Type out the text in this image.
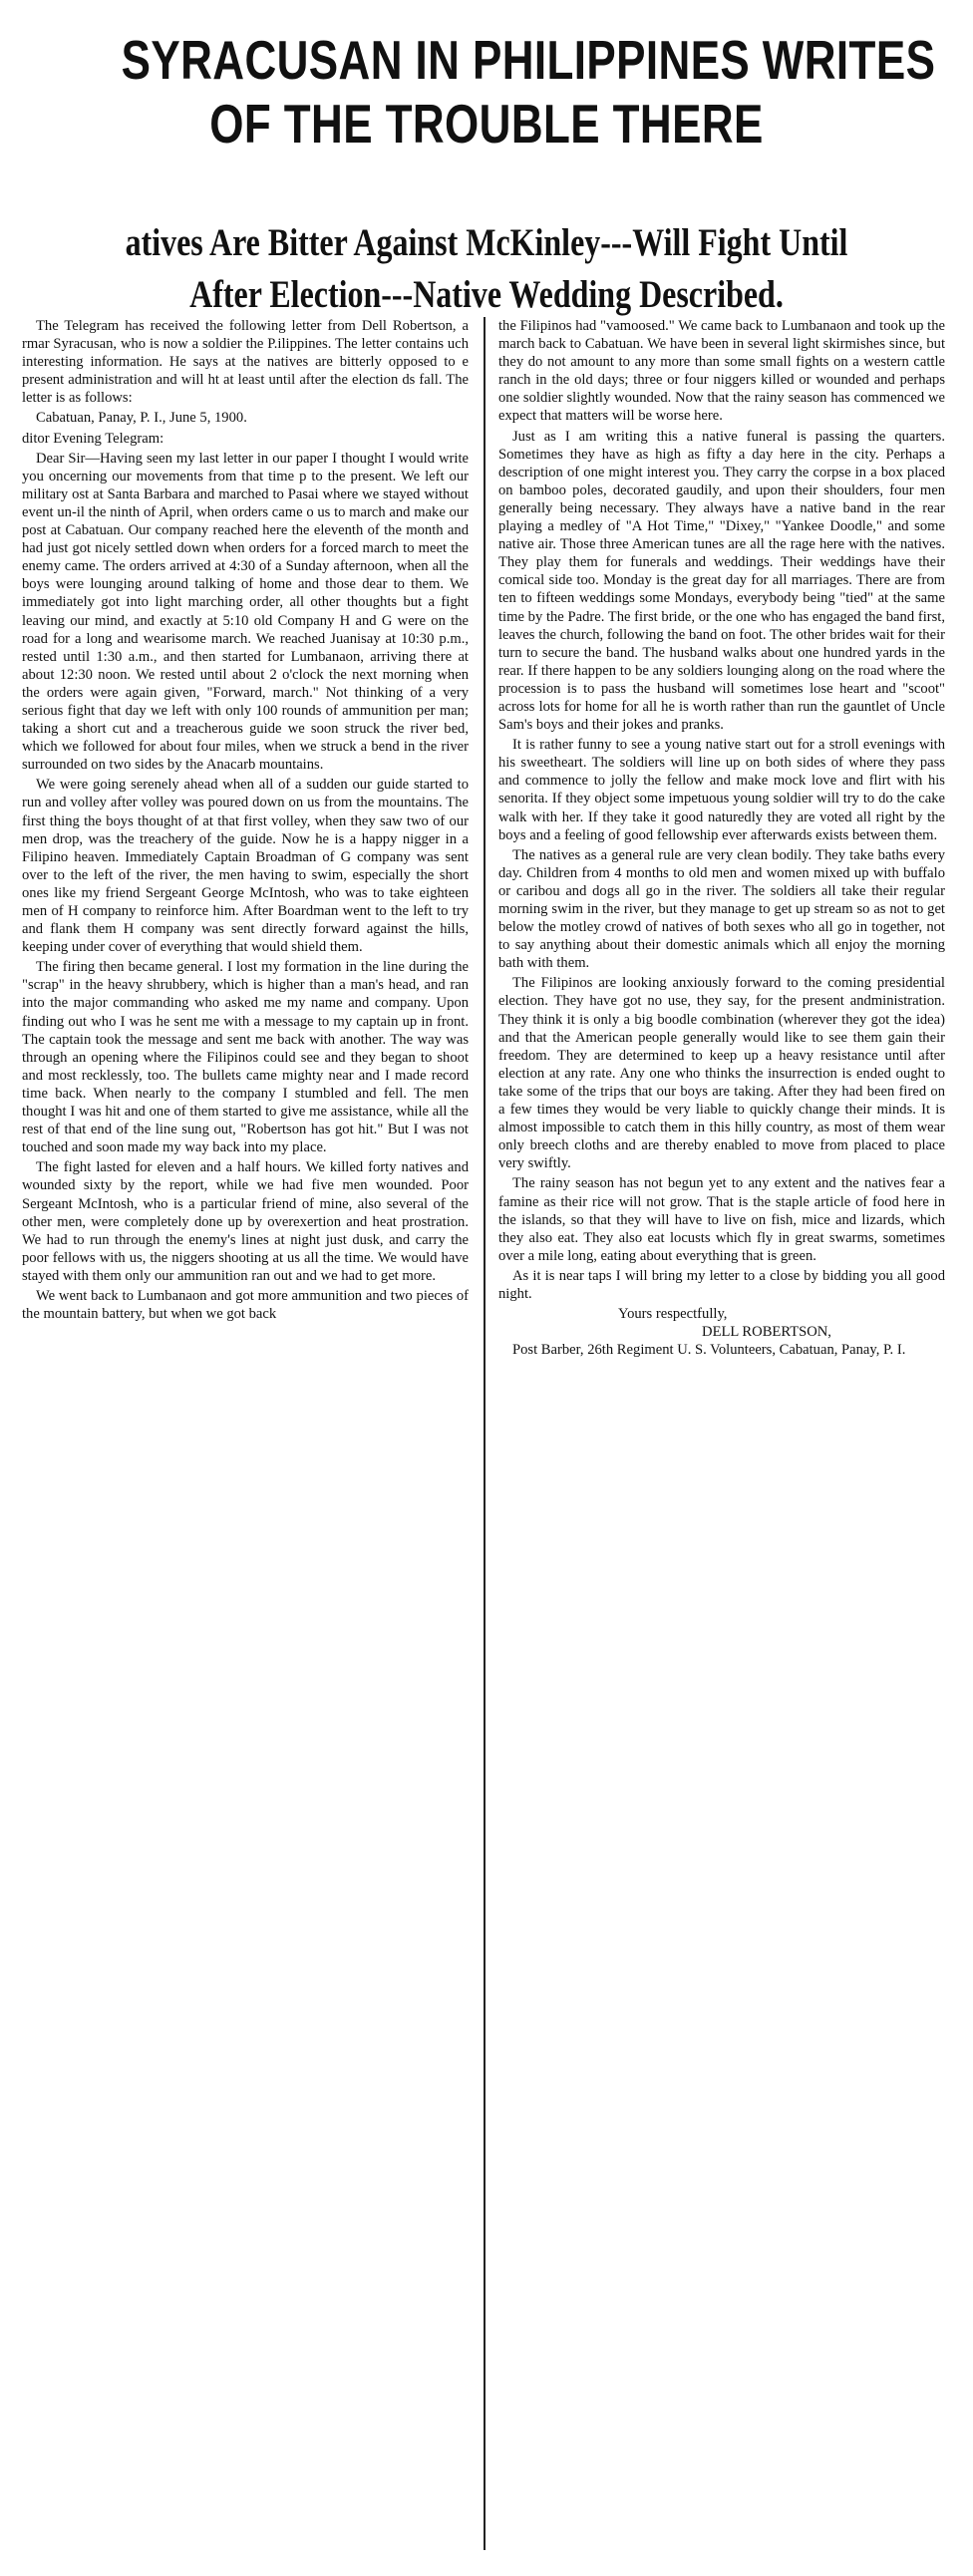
SYRACUSAN IN PHILIPPINES WRITES
OF THE TROUBLE THERE
atives Are Bitter Against McKinley---Will Fight Until
After Election---Native Wedding Described.

The Telegram has received the following letter from Dell Robertson, a rmar Syracusan, who is now a soldier the P.ilippines. The letter contains uch interesting information. He says at the natives are bitterly opposed to e present administration and will ht at least until after the election ds fall. The letter is as follows:

Cabatuan, Panay, P. I., June 5, 1900.

ditor Evening Telegram:

Dear Sir—Having seen my last letter in our paper I thought I would write you oncerning our movements from that time p to the present. We left our military ost at Santa Barbara and marched to Pasai where we stayed without event un-il the ninth of April, when orders came o us to march and make our post at Cabatuan. Our company reached here the eleventh of the month and had just got nicely settled down when orders for a forced march to meet the enemy came. The orders arrived at 4:30 of a Sunday afternoon, when all the boys were lounging around talking of home and those dear to them. We immediately got into light marching order, all other thoughts but a fight leaving our mind, and exactly at 5:10 old Company H and G were on the road for a long and wearisome march. We reached Juanisay at 10:30 p.m., rested until 1:30 a.m., and then started for Lumbanaon, arriving there at about 12:30 noon. We rested until about 2 o'clock the next morning when the orders were again given, "Forward, march." Not thinking of a very serious fight that day we left with only 100 rounds of ammunition per man; taking a short cut and a treacherous guide we soon struck the river bed, which we followed for about four miles, when we struck a bend in the river surrounded on two sides by the Anacarb mountains.

We were going serenely ahead when all of a sudden our guide started to run and volley after volley was poured down on us from the mountains. The first thing the boys thought of at that first volley, when they saw two of our men drop, was the treachery of the guide. Now he is a happy nigger in a Filipino heaven. Immediately Captain Broadman of G company was sent over to the left of the river, the men having to swim, especially the short ones like my friend Sergeant George McIntosh, who was to take eighteen men of H company to reinforce him. After Boardman went to the left to try and flank them H company was sent directly forward against the hills, keeping under cover of everything that would shield them.

The firing then became general. I lost my formation in the line during the "scrap" in the heavy shrubbery, which is higher than a man's head, and ran into the major commanding who asked me my name and company. Upon finding out who I was he sent me with a message to my captain up in front. The captain took the message and sent me back with another. The way was through an opening where the Filipinos could see and they began to shoot and most recklessly, too. The bullets came mighty near and I made record time back. When nearly to the company I stumbled and fell. The men thought I was hit and one of them started to give me assistance, while all the rest of that end of the line sung out, "Robertson has got hit." But I was not touched and soon made my way back into my place.

The fight lasted for eleven and a half hours. We killed forty natives and wounded sixty by the report, while we had five men wounded. Poor Sergeant McIntosh, who is a particular friend of mine, also several of the other men, were completely done up by overexertion and heat prostration. We had to run through the enemy's lines at night just dusk, and carry the poor fellows with us, the niggers shooting at us all the time. We would have stayed with them only our ammunition ran out and we had to get more.

We went back to Lumbanaon and got more ammunition and two pieces of the mountain battery, but when we got back

the Filipinos had "vamoosed." We came back to Lumbanaon and took up the march back to Cabatuan. We have been in several light skirmishes since, but they do not amount to any more than some small fights on a western cattle ranch in the old days; three or four niggers killed or wounded and perhaps one soldier slightly wounded. Now that the rainy season has commenced we expect that matters will be worse here.

Just as I am writing this a native funeral is passing the quarters. Sometimes they have as high as fifty a day here in the city. Perhaps a description of one might interest you. They carry the corpse in a box placed on bamboo poles, decorated gaudily, and upon their shoulders, four men generally being necessary. They always have a native band in the rear playing a medley of "A Hot Time," "Dixey," "Yankee Doodle," and some native air. Those three American tunes are all the rage here with the natives. They play them for funerals and weddings. Their weddings have their comical side too. Monday is the great day for all marriages. There are from ten to fifteen weddings some Mondays, everybody being "tied" at the same time by the Padre. The first bride, or the one who has engaged the band first, leaves the church, following the band on foot. The other brides wait for their turn to secure the band. The husband walks about one hundred yards in the rear. If there happen to be any soldiers lounging along on the road where the procession is to pass the husband will sometimes lose heart and "scoot" across lots for home for all he is worth rather than run the gauntlet of Uncle Sam's boys and their jokes and pranks.

It is rather funny to see a young native start out for a stroll evenings with his sweetheart. The soldiers will line up on both sides of where they pass and commence to jolly the fellow and make mock love and flirt with his senorita. If they object some impetuous young soldier will try to do the cake walk with her. If they take it good naturedly they are voted all right by the boys and a feeling of good fellowship ever afterwards exists between them.

The natives as a general rule are very clean bodily. They take baths every day. Children from 4 months to old men and women mixed up with buffalo or caribou and dogs all go in the river. The soldiers all take their regular morning swim in the river, but they manage to get up stream so as not to get below the motley crowd of natives of both sexes who all go in together, not to say anything about their domestic animals which all enjoy the morning bath with them.

The Filipinos are looking anxiously forward to the coming presidential election. They have got no use, they say, for the present andministration. They think it is only a big boodle combination (wherever they got the idea) and that the American people generally would like to see them gain their freedom. They are determined to keep up a heavy resistance until after election at any rate. Any one who thinks the insurrection is ended ought to take some of the trips that our boys are taking. After they had been fired on a few times they would be very liable to quickly change their minds. It is almost impossible to catch them in this hilly country, as most of them wear only breech cloths and are thereby enabled to move from placed to place very swiftly.

The rainy season has not begun yet to any extent and the natives fear a famine as their rice will not grow. That is the staple article of food here in the islands, so that they will have to live on fish, mice and lizards, which they also eat. They also eat locusts which fly in great swarms, sometimes over a mile long, eating about everything that is green.

As it is near taps I will bring my letter to a close by bidding you all good night.

Yours respectfully,
DELL ROBERTSON,
Post Barber, 26th Regiment U. S. Volunteers, Cabatuan, Panay, P. I.
